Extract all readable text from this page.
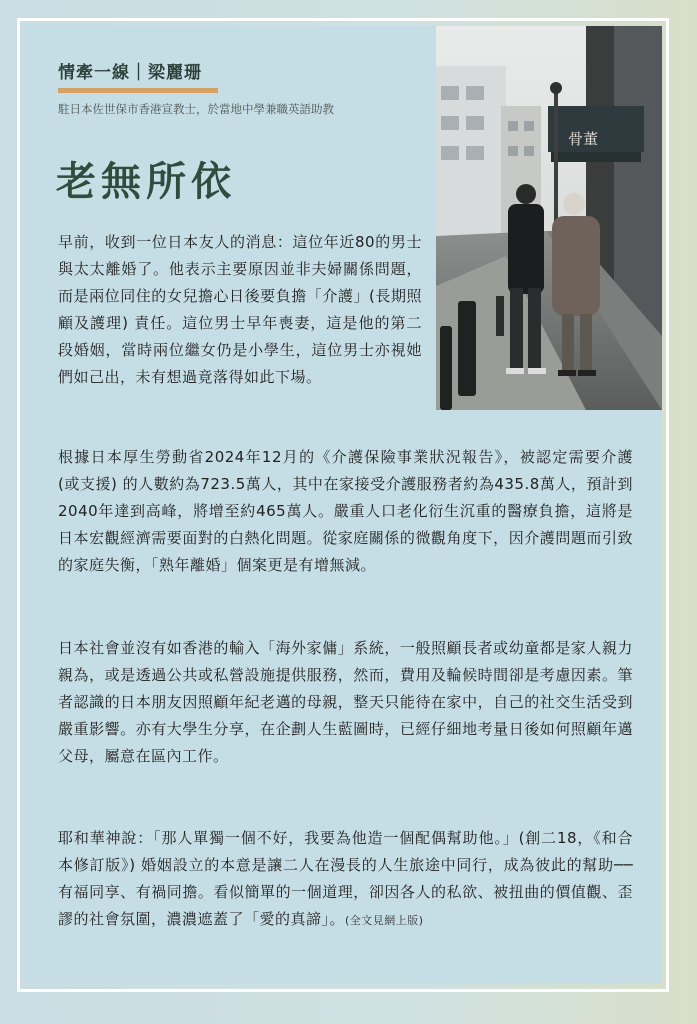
情牽一線｜梁麗珊
駐日本佐世保市香港宣教士，於當地中學兼職英語助教
老無所依
骨董
早前，收到一位日本友人的消息：這位年近80的男士與太太離婚了。他表示主要原因並非夫婦關係問題，而是兩位同住的女兒擔心日後要負擔「介護」(長期照顧及護理) 責任。這位男士早年喪妻，這是他的第二段婚姻，當時兩位繼女仍是小學生，這位男士亦視她們如己出，未有想過竟落得如此下場。
根據日本厚生勞動省2024年12月的《介護保險事業狀況報告》，被認定需要介護 (或支援) 的人數約為723.5萬人，其中在家接受介護服務者約為435.8萬人，預計到2040年達到高峰，將增至約465萬人。嚴重人口老化衍生沉重的醫療負擔，這將是日本宏觀經濟需要面對的白熱化問題。從家庭關係的微觀角度下，因介護問題而引致的家庭失衡，「熟年離婚」個案更是有增無減。
日本社會並沒有如香港的輸入「海外家傭」系統，一般照顧長者或幼童都是家人親力親為，或是透過公共或私營設施提供服務，然而，費用及輪候時間卻是考慮因素。筆者認識的日本朋友因照顧年紀老邁的母親，整天只能待在家中，自己的社交生活受到嚴重影響。亦有大學生分享，在企劃人生藍圖時，已經仔細地考量日後如何照顧年邁父母，屬意在區內工作。
耶和華神說：「那人單獨一個不好，我要為他造一個配偶幫助他。」(創二18，《和合本修訂版》) 婚姻設立的本意是讓二人在漫長的人生旅途中同行，成為彼此的幫助──有福同享、有禍同擔。看似簡單的一個道理，卻因各人的私欲、被扭曲的價值觀、歪謬的社會氛圍，濃濃遮蓋了「愛的真諦」。(全文見網上版)
